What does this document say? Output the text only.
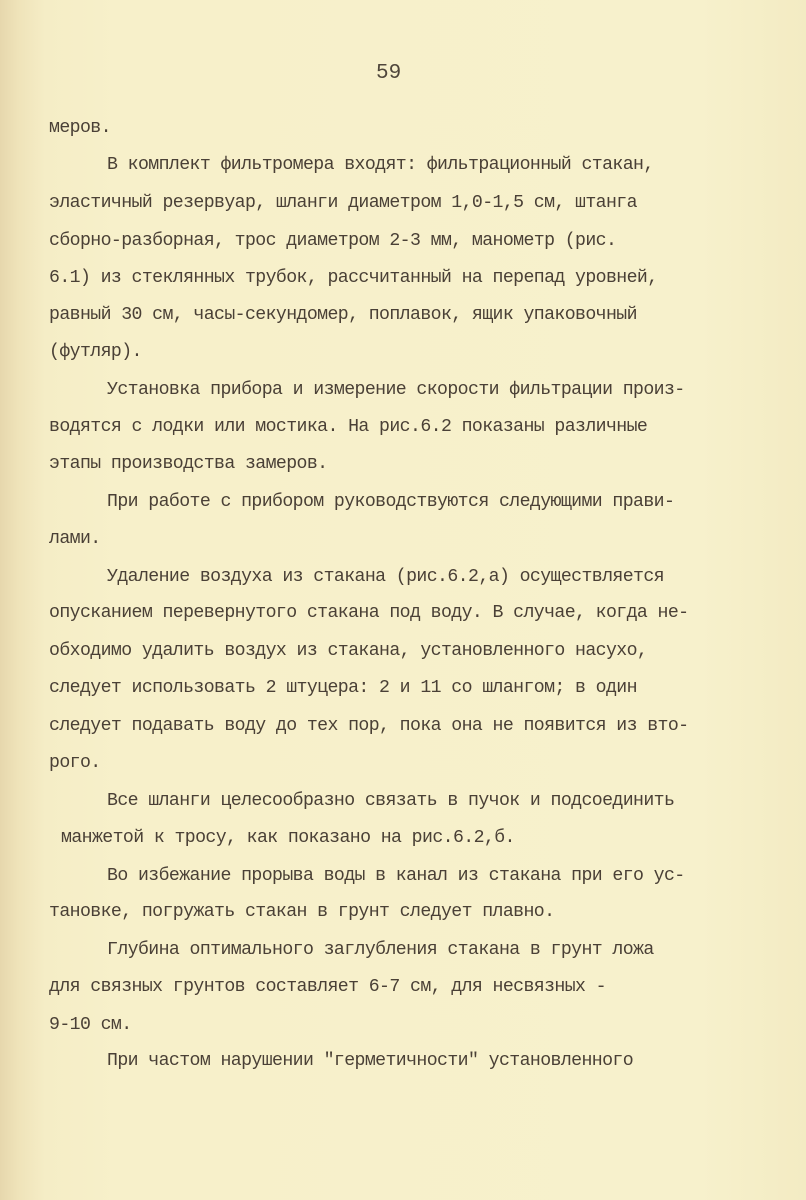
59
меров.
В комплект фильтромера входят: фильтрационный стакан,
эластичный резервуар, шланги диаметром 1,0-1,5 см, штанга
сборно-разборная, трос диаметром 2-3 мм, манометр (рис.
6.1) из стеклянных трубок, рассчитанный на перепад уровней,
равный 30 см, часы-секундомер, поплавок, ящик упаковочный
(футляр).
Установка прибора и измерение скорости фильтрации произ-
водятся с лодки или мостика. На рис.6.2 показаны различные
этапы производства замеров.
При работе с прибором руководствуются следующими прави-
лами.
Удаление воздуха из стакана (рис.6.2,а) осуществляется
опусканием перевернутого стакана под воду. В случае, когда не-
обходимо удалить воздух из стакана, установленного насухо,
следует использовать 2 штуцера: 2 и 11 со шлангом; в один
следует подавать воду до тех пор, пока она не появится из вто-
рого.
Все шланги целесообразно связать в пучок и подсоединить
манжетой к тросу, как показано на рис.6.2,б.
Во избежание прорыва воды в канал из стакана при его ус-
тановке, погружать стакан в грунт следует плавно.
Глубина оптимального заглубления стакана в грунт ложа
для связных грунтов составляет 6-7 см, для несвязных -
9-10 см.
При частом нарушении "герметичности" установленного
